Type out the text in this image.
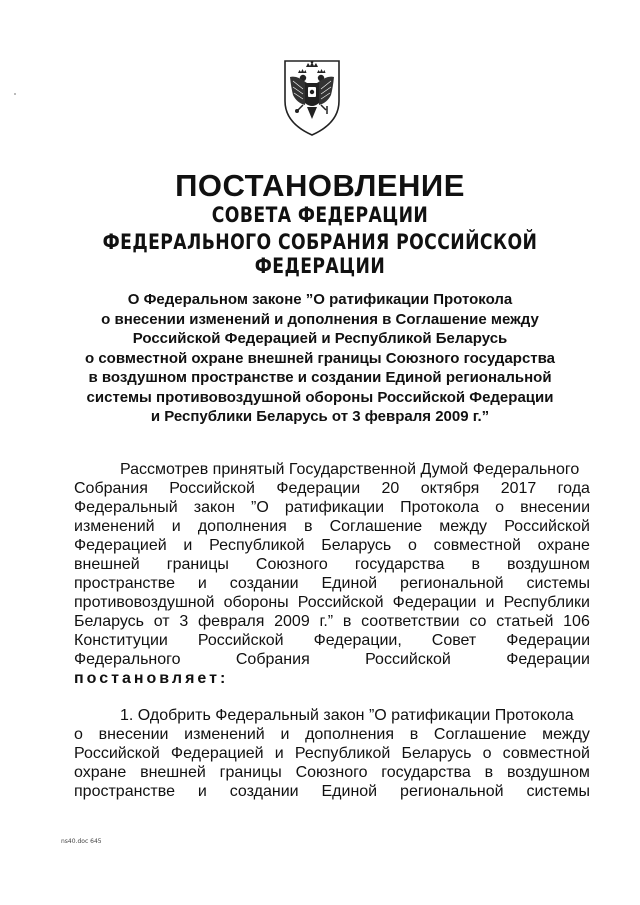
ПОСТАНОВЛЕНИЕ
СОВЕТА ФЕДЕРАЦИИ
ФЕДЕРАЛЬНОГО СОБРАНИЯ РОССИЙСКОЙ ФЕДЕРАЦИИ
О Федеральном законе ”О ратификации Протокола
о внесении изменений и дополнения в Соглашение между
Российской Федерацией и Республикой Беларусь
о совместной охране внешней границы Союзного государства
в воздушном пространстве и создании Единой региональной
системы противовоздушной обороны Российской Федерации
и Республики Беларусь от 3 февраля 2009 г.”
Рассмотрев принятый Государственной Думой Федерального
Собрания Российской Федерации 20 октября 2017 года
Федеральный закон ”О ратификации Протокола о внесении
изменений и дополнения в Соглашение между Российской
Федерацией и Республикой Беларусь о совместной охране
внешней границы Союзного государства в воздушном
пространстве и создании Единой региональной системы
противовоздушной обороны Российской Федерации и Республики
Беларусь от 3 февраля 2009 г.” в соответствии со статьей 106
Конституции Российской Федерации, Совет Федерации
Федерального	Собрания	Российской	Федерации
постановляет:
1. Одобрить Федеральный закон ”О ратификации Протокола
о внесении изменений и дополнения в Соглашение между
Российской Федерацией и Республикой Беларусь о совместной
охране внешней границы Союзного государства в воздушном
пространстве и создании Единой региональной системы
ns40.doc 645
